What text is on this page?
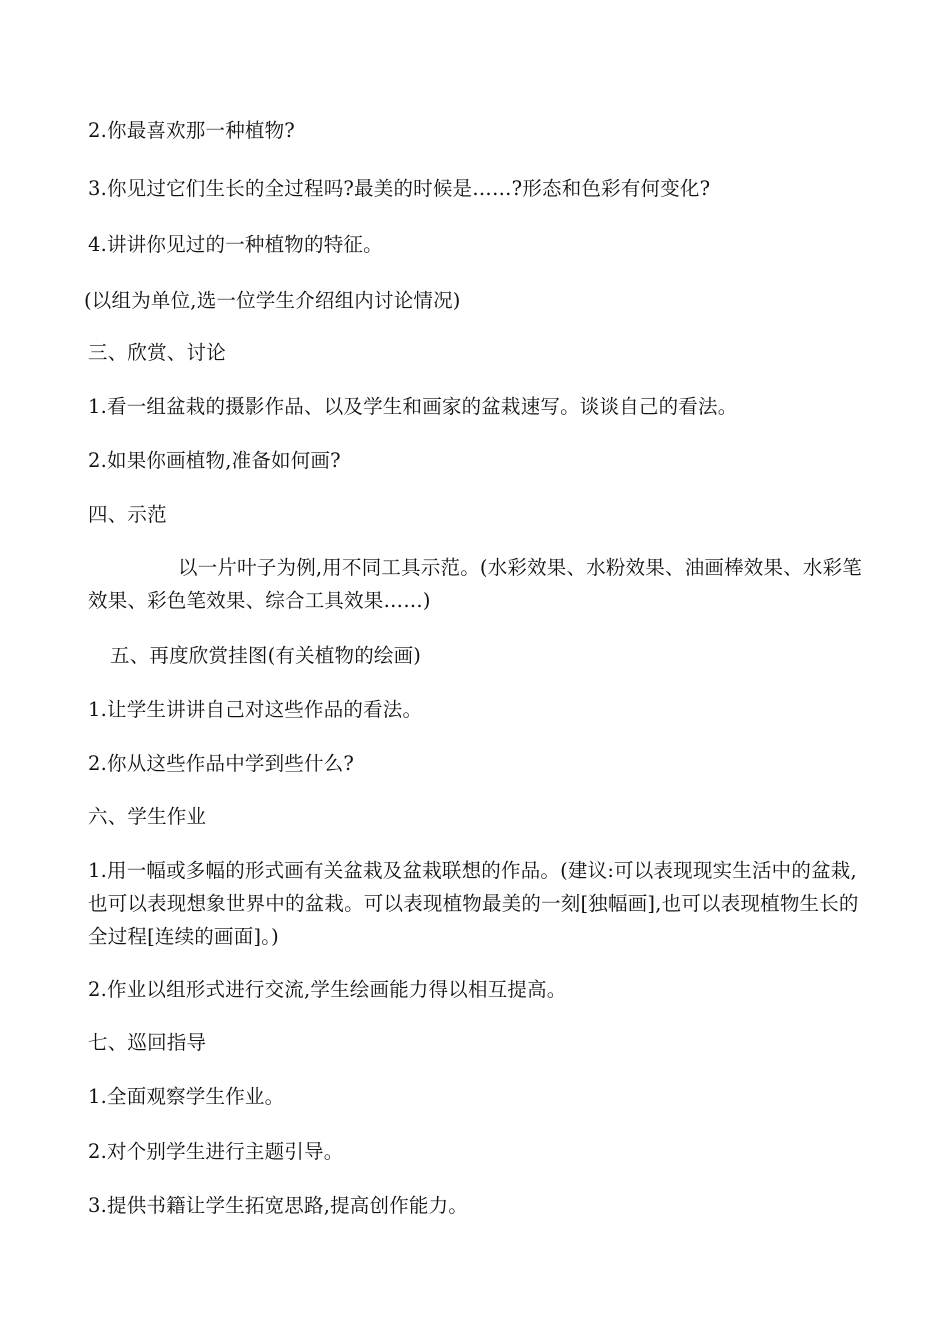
2.你最喜欢那一种植物?
3.你见过它们生长的全过程吗?最美的时候是……?形态和色彩有何变化?
4.讲讲你见过的一种植物的特征。
(以组为单位,选一位学生介绍组内讨论情况)
三、欣赏、讨论
1.看一组盆栽的摄影作品、以及学生和画家的盆栽速写。谈谈自己的看法。
2.如果你画植物,准备如何画?
四、示范
以一片叶子为例,用不同工具示范。(水彩效果、水粉效果、油画棒效果、水彩笔效果、彩色笔效果、综合工具效果……)
五、再度欣赏挂图(有关植物的绘画)
1.让学生讲讲自己对这些作品的看法。
2.你从这些作品中学到些什么?
六、学生作业
1.用一幅或多幅的形式画有关盆栽及盆栽联想的作品。(建议:可以表现现实生活中的盆栽,也可以表现想象世界中的盆栽。可以表现植物最美的一刻[独幅画],也可以表现植物生长的全过程[连续的画面]。)
2.作业以组形式进行交流,学生绘画能力得以相互提高。
七、巡回指导
1.全面观察学生作业。
2.对个别学生进行主题引导。
3.提供书籍让学生拓宽思路,提高创作能力。
